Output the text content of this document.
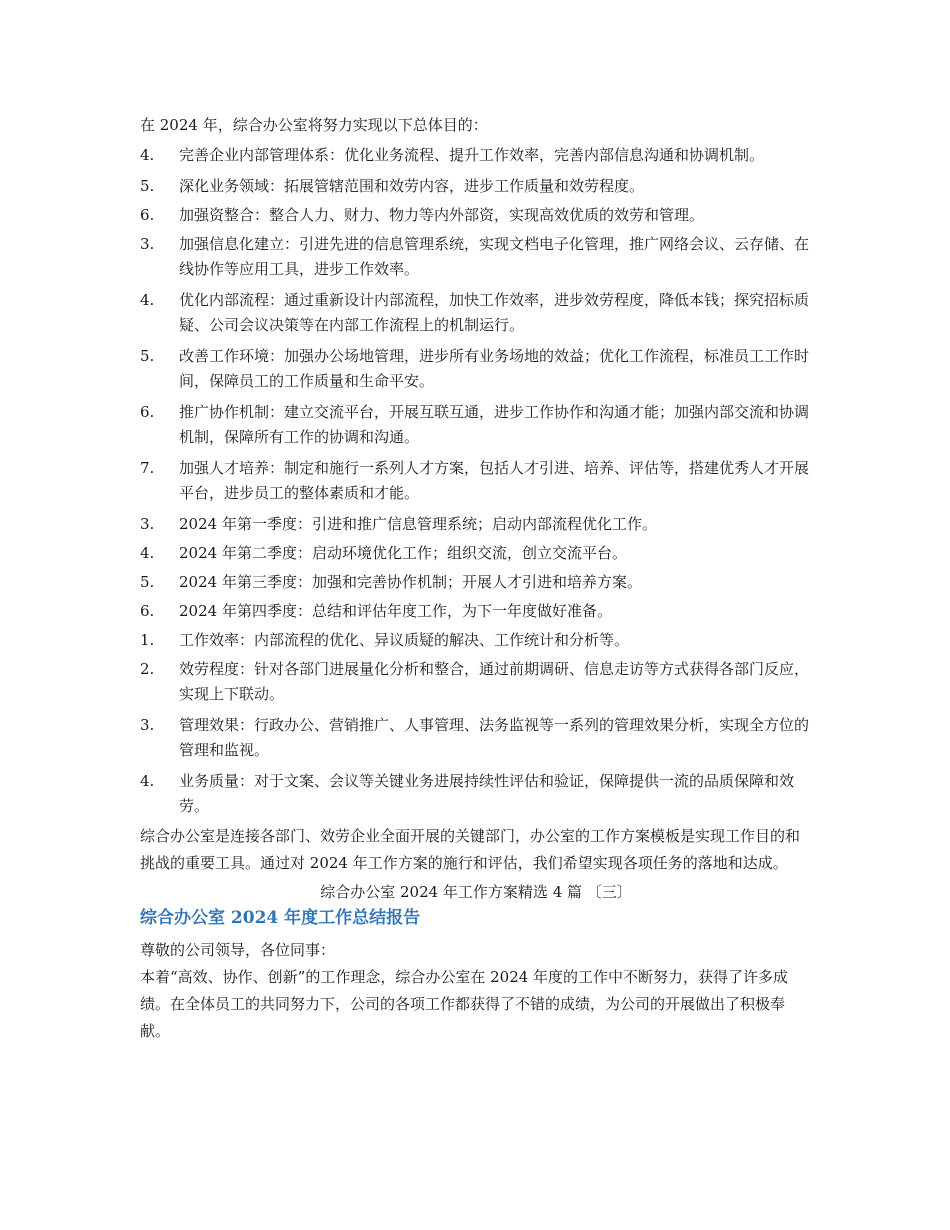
在 2024 年，综合办公室将努力实现以下总体目的：

4.	完善企业内部管理体系：优化业务流程、提升工作效率，完善内部信息沟通和协调机制。
5.	深化业务领域：拓展管辖范围和效劳内容，进步工作质量和效劳程度。
6.	加强资整合：整合人力、财力、物力等内外部资，实现高效优质的效劳和管理。
3.	加强信息化建立：引进先进的信息管理系统，实现文档电子化管理，推广网络会议、云存储、在线协作等应用工具，进步工作效率。
4.	优化内部流程：通过重新设计内部流程，加快工作效率，进步效劳程度，降低本钱；探究招标质疑、公司会议决策等在内部工作流程上的机制运行。
5.	改善工作环境：加强办公场地管理，进步所有业务场地的效益；优化工作流程，标准员工工作时间，保障员工的工作质量和生命平安。
6.	推广协作机制：建立交流平台，开展互联互通，进步工作协作和沟通才能；加强内部交流和协调机制，保障所有工作的协调和沟通。
7.	加强人才培养：制定和施行一系列人才方案，包括人才引进、培养、评估等，搭建优秀人才开展平台，进步员工的整体素质和才能。
3.	2024 年第一季度：引进和推广信息管理系统；启动内部流程优化工作。
4.	2024 年第二季度：启动环境优化工作；组织交流，创立交流平台。
5.	2024 年第三季度：加强和完善协作机制；开展人才引进和培养方案。
6.	2024 年第四季度：总结和评估年度工作，为下一年度做好准备。
1.	工作效率：内部流程的优化、异议质疑的解决、工作统计和分析等。
2.	效劳程度：针对各部门进展量化分析和整合，通过前期调研、信息走访等方式获得各部门反应，实现上下联动。
3.	管理效果：行政办公、营销推广、人事管理、法务监视等一系列的管理效果分析，实现全方位的管理和监视。
4.	业务质量：对于文案、会议等关键业务进展持续性评估和验证，保障提供一流的品质保障和效劳。

综合办公室是连接各部门、效劳企业全面开展的关键部门，办公室的工作方案模板是实现工作目的和挑战的重要工具。通过对 2024 年工作方案的施行和评估，我们希望实现各项任务的落地和达成。

综合办公室 2024 年工作方案精选 4 篇 〔三〕

综合办公室 2024 年度工作总结报告

尊敬的公司领导，各位同事：

本着“高效、协作、创新”的工作理念，综合办公室在 2024 年度的工作中不断努力，获得了许多成绩。在全体员工的共同努力下，公司的各项工作都获得了不错的成绩，为公司的开展做出了积极奉献。
